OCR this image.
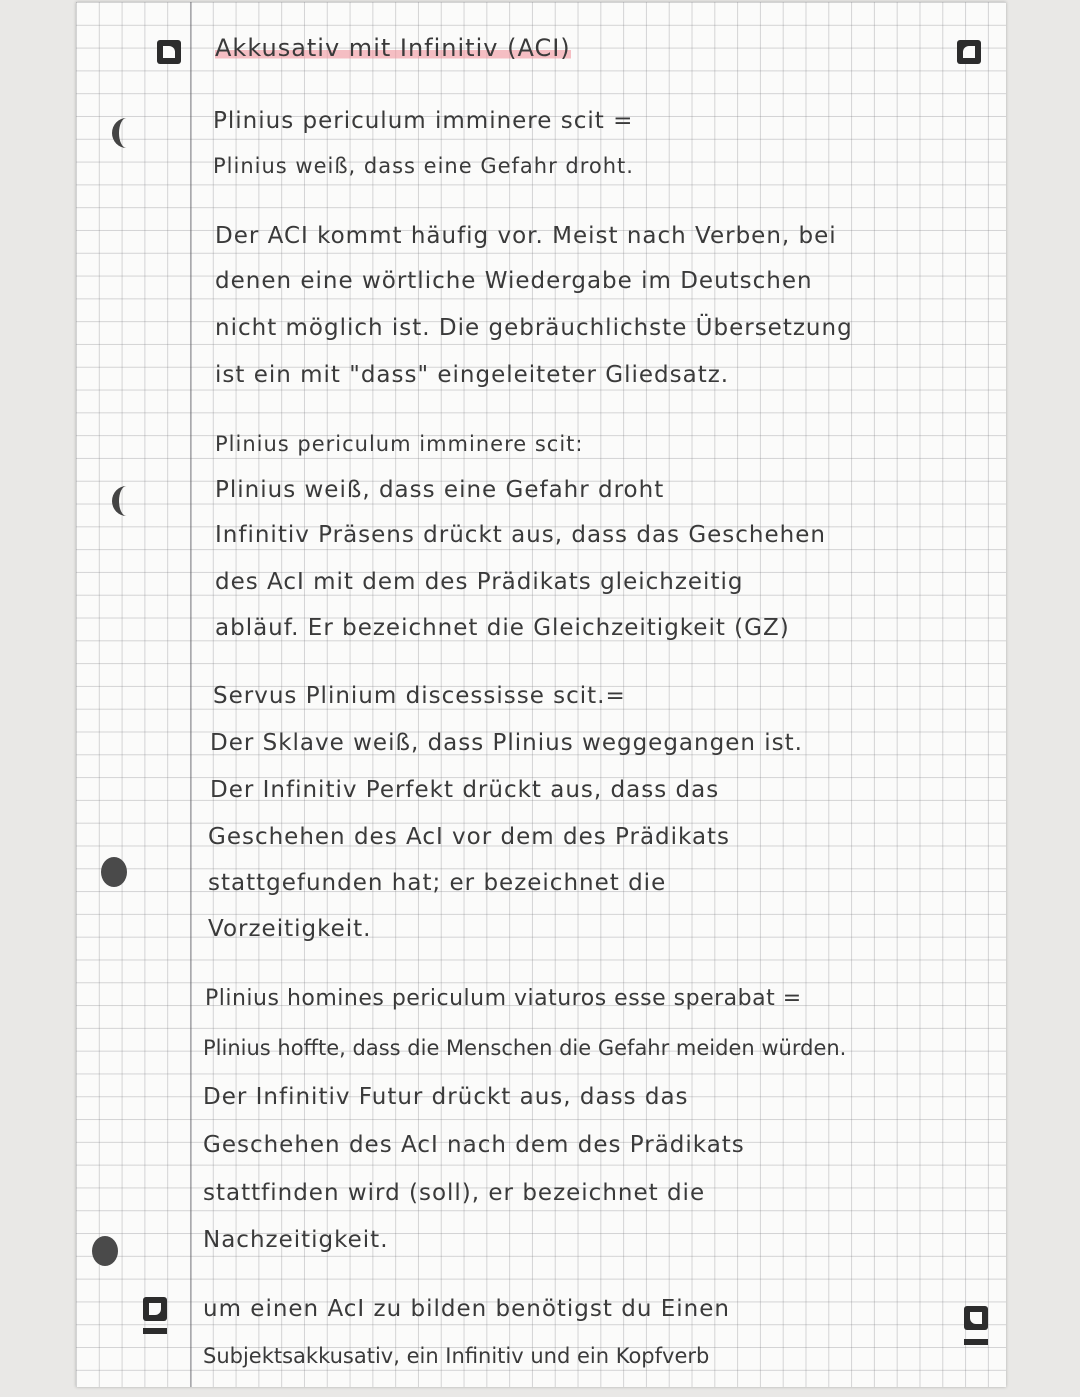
Akkusativ mit Infinitiv (ACI)
Plinius periculum imminere scit =
Plinius weiß, dass eine Gefahr droht.
Der ACI kommt häufig vor. Meist nach Verben, bei
denen eine wörtliche Wiedergabe im Deutschen
nicht möglich ist. Die gebräuchlichste Übersetzung
ist ein mit "dass" eingeleiteter Gliedsatz.
Plinius periculum imminere scit:
Plinius weiß, dass eine Gefahr droht
Infinitiv Präsens drückt aus, dass das Geschehen
des AcI mit dem des Prädikats gleichzeitig
abläuf. Er bezeichnet die Gleichzeitigkeit (GZ)
Servus Plinium discessisse scit.=
Der Sklave weiß, dass Plinius weggegangen ist.
Der Infinitiv Perfekt drückt aus, dass das
Geschehen des AcI vor dem des Prädikats
stattgefunden hat; er bezeichnet die
Vorzeitigkeit.
Plinius homines periculum viaturos esse sperabat =
Plinius hoffte, dass die Menschen die Gefahr meiden würden.
Der Infinitiv Futur drückt aus, dass das
Geschehen des AcI nach dem des Prädikats
stattfinden wird (soll), er bezeichnet die
Nachzeitigkeit.
um einen AcI zu bilden benötigst du Einen
Subjektsakkusativ, ein Infinitiv und ein Kopfverb
